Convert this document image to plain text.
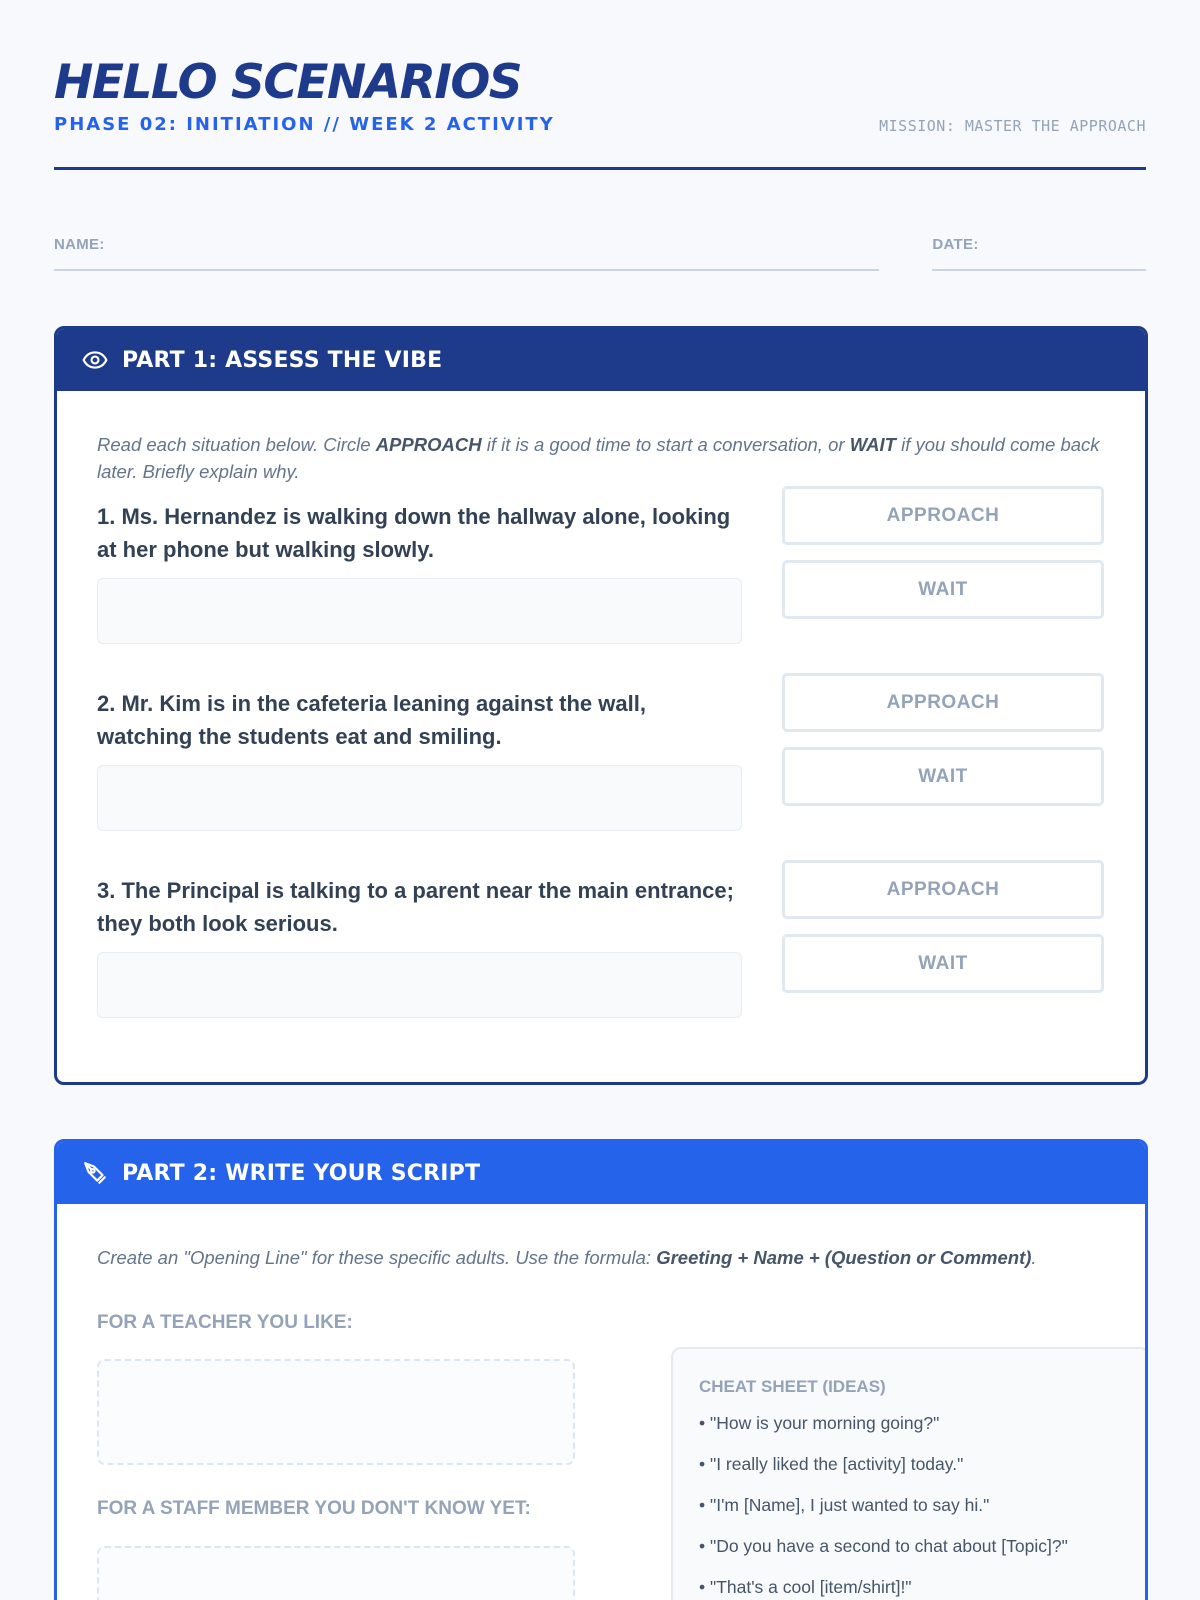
HELLO SCENARIOS
PHASE 02: INITIATION // WEEK 2 ACTIVITY	MISSION: MASTER THE APPROACH
NAME:	DATE:
PART 1: ASSESS THE VIBE

Read each situation below. Circle APPROACH if it is a good time to start a conversation, or WAIT if you should come back later. Briefly explain why.

1. Ms. Hernandez is walking down the hallway alone, looking at her phone but walking slowly.
APPROACH
WAIT
2. Mr. Kim is in the cafeteria leaning against the wall, watching the students eat and smiling.
APPROACH
WAIT
3. The Principal is talking to a parent near the main entrance; they both look serious.
APPROACH
WAIT
PART 2: WRITE YOUR SCRIPT

Create an "Opening Line" for these specific adults. Use the formula: Greeting + Name + (Question or Comment).

FOR A TEACHER YOU LIKE:
FOR A STAFF MEMBER YOU DON'T KNOW YET:
CHEAT SHEET (IDEAS)
• "How is your morning going?"
• "I really liked the [activity] today."
• "I'm [Name], I just wanted to say hi."
• "Do you have a second to chat about [Topic]?"
• "That's a cool [item/shirt]!"
